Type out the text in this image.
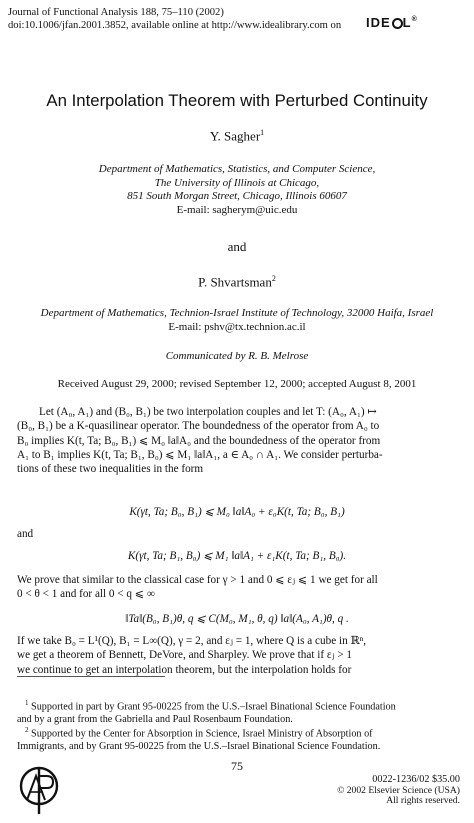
Journal of Functional Analysis 188, 75–110 (2002)
doi:10.1006/jfan.2001.3852, available online at http://www.idealibrary.com on IDE L®
An Interpolation Theorem with Perturbed Continuity
Y. Sagher$^1$
Department of Mathematics, Statistics, and Computer Science,
The University of Illinois at Chicago,
851 South Morgan Street, Chicago, Illinois 60607
E-mail: sagherym@uic.edu
and
P. Shvartsman$^2$
Department of Mathematics, Technion-Israel Institute of Technology, 32000 Haifa, Israel
E-mail: pshv@tx.technion.ac.il
Communicated by R. B. Melrose
Received August 29, 2000; revised September 12, 2000; accepted August 8, 2001
Let (A₀, A₁) and (B₀, B₁) be two interpolation couples and let T: (A₀, A₁) ↦
(B₀, B₁) be a K-quasilinear operator. The boundedness of the operator from A₀ to
B₀ implies K(t, Ta; B₀, B₁) ⩽ M₀ ‖a‖A₀ and the boundedness of the operator from
A₁ to B₁ implies K(t, Ta; B₁, B₀) ⩽ M₁ ‖a‖A₁, a ∈ A₀ ∩ A₁. We consider perturba-
tions of these two inequalities in the form
K(γt, Ta; B₀, B₁) ⩽ M₀ ‖a‖A₀ + ε₀K(t, Ta; B₀, B₁)
and
K(γt, Ta; B₁, B₀) ⩽ M₁ ‖a‖A₁ + ε₁K(t, Ta; B₁, B₀).
We prove that similar to the classical case for γ > 1 and 0 ⩽ εⱼ ⩽ 1 we get for all
0 < θ < 1 and for all 0 < q ⩽ ∞
‖Ta‖(B₀, B₁)θ, q ⩽ C(M₀, M₁, θ, q) ‖a‖(A₀, A₁)θ, q .
If we take B₀ = L¹(Q), B₁ = L∞(Q), γ = 2, and εⱼ = 1, where Q is a cube in ℝⁿ,
we get a theorem of Bennett, DeVore, and Sharpley. We prove that if εⱼ > 1
we continue to get an interpolation theorem, but the interpolation holds for
$^1$ Supported in part by Grant 95-00225 from the U.S.–Israel Binational Science Foundation
and by a grant from the Gabriella and Paul Rosenbaum Foundation.
$^2$ Supported by the Center for Absorption in Science, Israel Ministry of Absorption of
Immigrants, and by Grant 95-00225 from the U.S.–Israel Binational Science Foundation.
75
0022-1236/02 $35.00
© 2002 Elsevier Science (USA)
All rights reserved.
